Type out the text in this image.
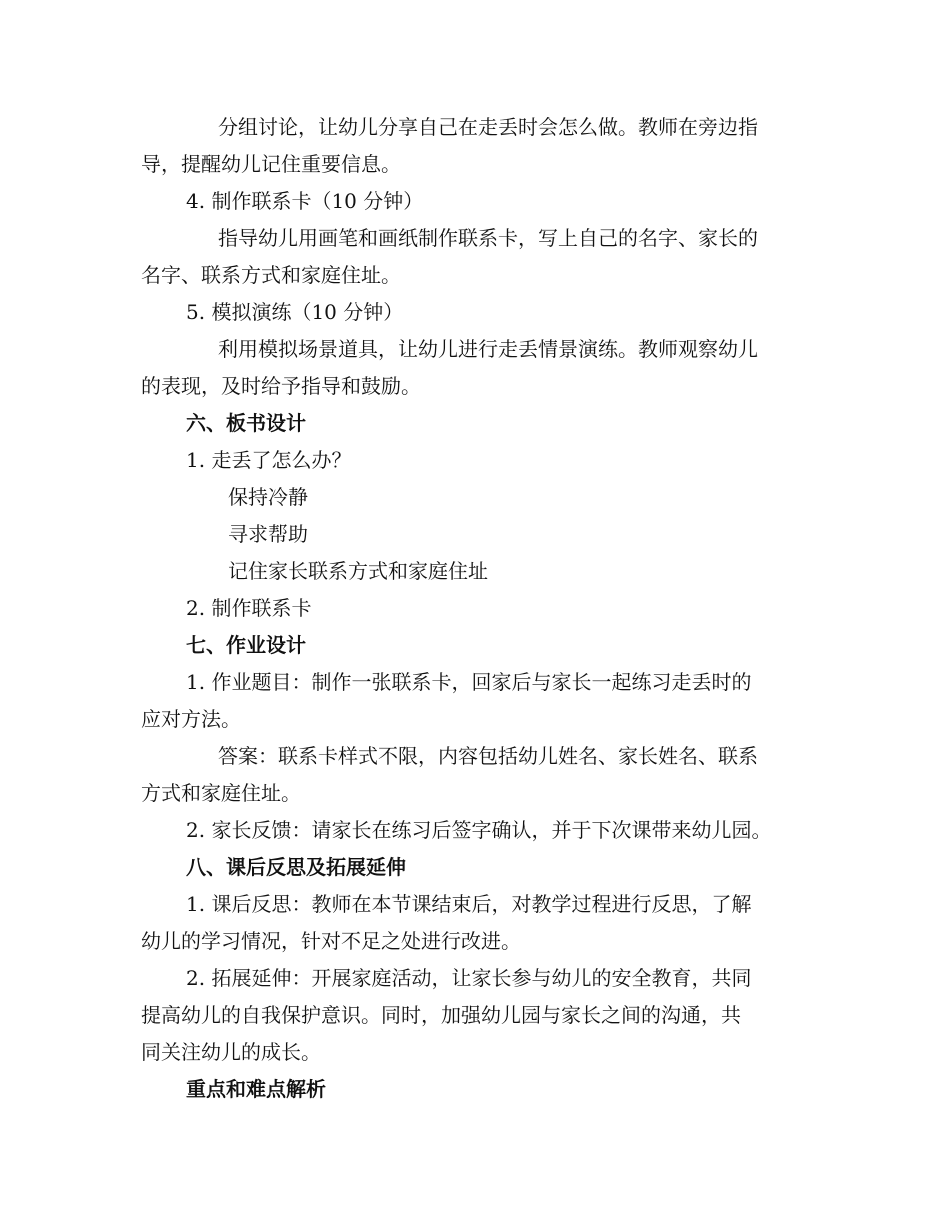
分组讨论，让幼儿分享自己在走丢时会怎么做。教师在旁边指
导，提醒幼儿记住重要信息。
4. 制作联系卡（10 分钟）
指导幼儿用画笔和画纸制作联系卡，写上自己的名字、家长的
名字、联系方式和家庭住址。
5. 模拟演练（10 分钟）
利用模拟场景道具，让幼儿进行走丢情景演练。教师观察幼儿
的表现，及时给予指导和鼓励。
六、板书设计
1. 走丢了怎么办？
保持冷静
寻求帮助
记住家长联系方式和家庭住址
2. 制作联系卡
七、作业设计
1. 作业题目：制作一张联系卡，回家后与家长一起练习走丢时的
应对方法。
答案：联系卡样式不限，内容包括幼儿姓名、家长姓名、联系
方式和家庭住址。
2. 家长反馈：请家长在练习后签字确认，并于下次课带来幼儿园。
八、课后反思及拓展延伸
1. 课后反思：教师在本节课结束后，对教学过程进行反思，了解
幼儿的学习情况，针对不足之处进行改进。
2. 拓展延伸：开展家庭活动，让家长参与幼儿的安全教育，共同
提高幼儿的自我保护意识。同时，加强幼儿园与家长之间的沟通，共
同关注幼儿的成长。
重点和难点解析
